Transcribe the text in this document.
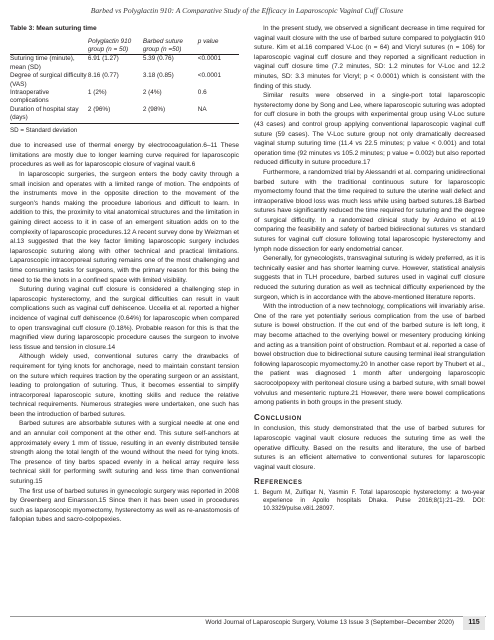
Barbed vs Polyglactin 910: A Comparative Study of the Efficacy in Laparoscopic Vaginal Cuff Closure
Table 3: Mean suturing time
	Polyglactin 910 group (n = 50)	Barbed suture group (n =50)	p value
Suturing time (minute), mean (SD)	6.91 (1.27)	5.39 (0.76)	<0.0001
Degree of surgical difficulty (VAS)	8.16 (0.77)	3.18 (0.85)	<0.0001
Intraoperative complications	1 (2%)	2 (4%)	0.6
Duration of hospital stay (days)	2 (96%)	2 (98%)	NA
SD = Standard deviation

due to increased use of thermal energy by electrocoagulation.6–11 These limitations are mostly due to longer learning curve required for laparoscopic procedures as well as for laparoscopic closure of vaginal vault.6

In laparoscopic surgeries, the surgeon enters the body cavity through a small incision and operates with a limited range of motion. The endpoints of the instruments move in the opposite direction to the movement of the surgeon's hands making the procedure laborious and difficult to learn. In addition to this, the proximity to vital anatomical structures and the limitation in gaining direct access to it in case of an emergent situation adds on to the complexity of laparoscopic procedures.12 A recent survey done by Weizman et al.13 suggested that the key factor limiting laparoscopic surgery includes laparoscopic suturing along with other technical and practical limitations. Laparoscopic intracorporeal suturing remains one of the most challenging and time consuming tasks for surgeons, with the primary reason for this being the need to tie the knots in a confined space with limited visibility.

Suturing during vaginal cuff closure is considered a challenging step in laparoscopic hysterectomy, and the surgical difficulties can result in vault complications such as vaginal cuff dehiscence. Uccella et al. reported a higher incidence of vaginal cuff dehiscence (0.64%) for laparoscopic when compared to open transvaginal cuff closure (0.18%). Probable reason for this is that the magnified view during laparoscopic procedure causes the surgeon to involve less tissue and tension in closure.14

Although widely used, conventional sutures carry the drawbacks of requirement for tying knots for anchorage, need to maintain constant tension on the suture which requires traction by the operating surgeon or an assistant, leading to prolongation of suturing. Thus, it becomes essential to simplify intracorporeal laparoscopic suture, knotting skills and reduce the relative technical requirements. Numerous strategies were undertaken, one such has been the introduction of barbed sutures.

Barbed sutures are absorbable sutures with a surgical needle at one end and an annular coil component at the other end. This suture self-anchors at approximately every 1 mm of tissue, resulting in an evenly distributed tensile strength along the total length of the wound without the need for tying knots. The presence of tiny barbs spaced evenly in a helical array require less technical skill for performing swift suturing and less time than conventional suturing.15

The first use of barbed sutures in gynecologic surgery was reported in 2008 by Greenberg and Einarsson.15 Since then it has been used in procedures such as laparoscopic myomectomy, hysterectomy as well as re-anastomosis of fallopian tubes and sacro-colpopexies.

In the present study, we observed a significant decrease in time required for vaginal vault closure with the use of barbed suture compared to polyglactin 910 suture. Kim et al.16 compared V-Loc (n = 64) and Vicryl sutures (n = 106) for laparoscopic vaginal cuff closure and they reported a significant reduction in vaginal cuff closure time (7.2 minutes, SD: 1.2 minutes for V-Loc and 12.2 minutes, SD: 3.3 minutes for Vicryl; p < 0.0001) which is consistent with the finding of this study.

Similar results were observed in a single-port total laparoscopic hysterectomy done by Song and Lee, where laparoscopic suturing was adopted for cuff closure in both the groups with experimental group using V-Loc suture (43 cases) and control group applying conventional laparoscopic vaginal cuff suture (59 cases). The V-Loc suture group not only dramatically decreased vaginal stump suturing time (11.4 vs 22.5 minutes; p value < 0.001) and total operation time (92 minutes vs 105.2 minutes; p value = 0.002) but also reported reduced difficulty in suture procedure.17

Furthermore, a randomized trial by Alessandri et al. comparing unidirectional barbed suture with the traditional continuous suture for laparoscopic myomectomy found that the time required to suture the uterine wall defect and intraoperative blood loss was much less while using barbed sutures.18 Barbed sutures have significantly reduced the time required for suturing and the degree of surgical difficulty. In a randomized clinical study by Arduino et al.19 comparing the feasibility and safety of barbed bidirectional sutures vs standard sutures for vaginal cuff closure following total laparoscopic hysterectomy and lymph node dissection for early endometrial cancer.

Generally, for gynecologists, transvaginal suturing is widely preferred, as it is technically easier and has shorter learning curve. However, statistical analysis suggests that in TLH procedure, barbed sutures used in vaginal cuff closure reduced the suturing duration as well as technical difficulty experienced by the surgeon, which is in accordance with the above-mentioned literature reports.

With the introduction of a new technology, complications will invariably arise. One of the rare yet potentially serious complication from the use of barbed suture is bowel obstruction. If the cut end of the barbed suture is left long, it may become attached to the overlying bowel or mesentery producing kinking and acting as a transition point of obstruction. Rombaut et al. reported a case of bowel obstruction due to bidirectional suture causing terminal ileal strangulation following laparoscopic myomectomy.20 In another case report by Thubert et al., the patient was diagnosed 1 month after undergoing laparoscopic sacrocolpopexy with peritoneal closure using a barbed suture, with small bowel volvulus and mesenteric rupture.21 However, there were bowel complications among patients in both groups in the present study.

Conclusion

In conclusion, this study demonstrated that the use of barbed sutures for laparoscopic vaginal vault closure reduces the suturing time as well the operative difficulty. Based on the results and literature, the use of barbed sutures is an efficient alternative to conventional sutures for laparoscopic vaginal vault closure.

References

1. Begum M, Zulfiqar N, Yasmin F. Total laparoscopic hysterectomy: a two-year experience in Apollo hospitals Dhaka. Pulse 2016;8(1):21–29. DOI: 10.3329/pulse.v8i1.28097.

World Journal of Laparoscopic Surgery, Volume 13 Issue 3 (September–December 2020)	115
